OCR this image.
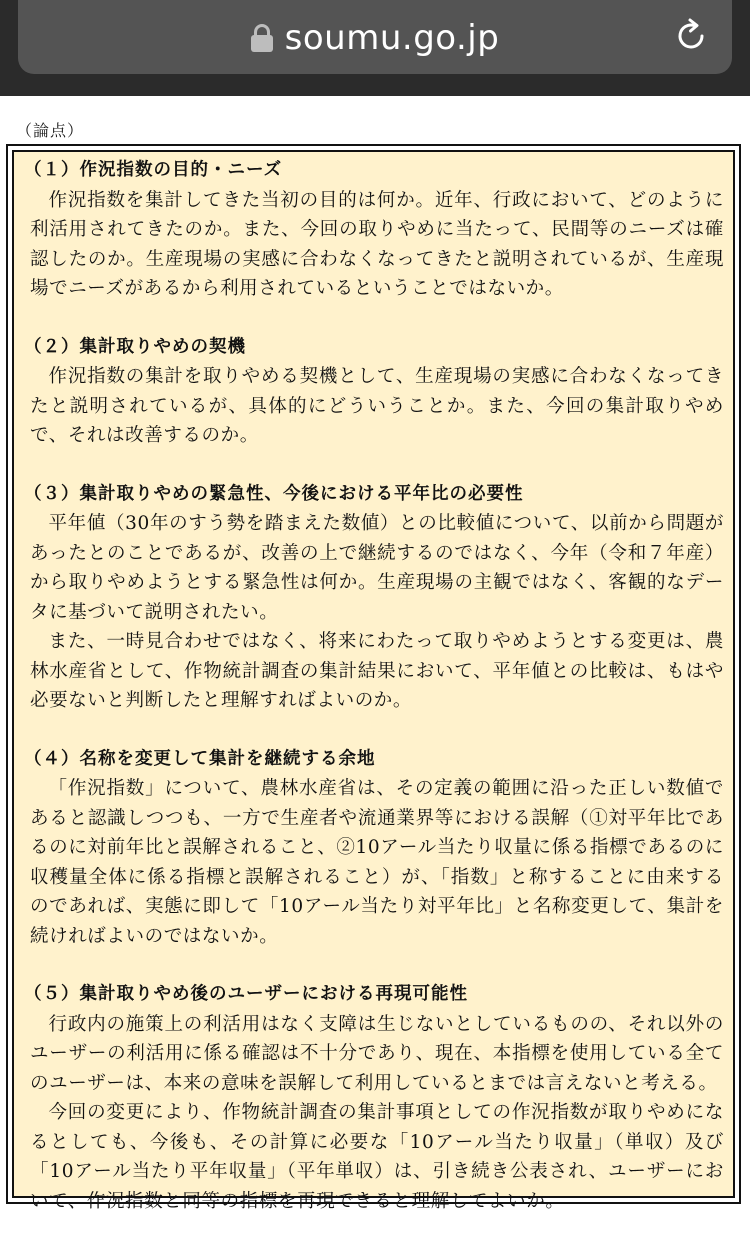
soumu.go.jp
（論点）
（１）作況指数の目的・ニーズ
作況指数を集計してきた当初の目的は何か。近年、行政において、どのように利活用されてきたのか。また、今回の取りやめに当たって、民間等のニーズは確認したのか。生産現場の実感に合わなくなってきたと説明されているが、生産現場でニーズがあるから利用されているということではないか。
（２）集計取りやめの契機
作況指数の集計を取りやめる契機として、生産現場の実感に合わなくなってきたと説明されているが、具体的にどういうことか。また、今回の集計取りやめで、それは改善するのか。
（３）集計取りやめの緊急性、今後における平年比の必要性
平年値（30年のすう勢を踏まえた数値）との比較値について、以前から問題があったとのことであるが、改善の上で継続するのではなく、今年（令和７年産）から取りやめようとする緊急性は何か。生産現場の主観ではなく、客観的なデータに基づいて説明されたい。
また、一時見合わせではなく、将来にわたって取りやめようとする変更は、農林水産省として、作物統計調査の集計結果において、平年値との比較は、もはや必要ないと判断したと理解すればよいのか。
（４）名称を変更して集計を継続する余地
「作況指数」について、農林水産省は、その定義の範囲に沿った正しい数値であると認識しつつも、一方で生産者や流通業界等における誤解（①対平年比であるのに対前年比と誤解されること、②10アール当たり収量に係る指標であるのに収穫量全体に係る指標と誤解されること）が、「指数」と称することに由来するのであれば、実態に即して「10アール当たり対平年比」と名称変更して、集計を続ければよいのではないか。
（５）集計取りやめ後のユーザーにおける再現可能性
行政内の施策上の利活用はなく支障は生じないとしているものの、それ以外のユーザーの利活用に係る確認は不十分であり、現在、本指標を使用している全てのユーザーは、本来の意味を誤解して利用しているとまでは言えないと考える。
今回の変更により、作物統計調査の集計事項としての作況指数が取りやめになるとしても、今後も、その計算に必要な「10アール当たり収量」（単収）及び「10アール当たり平年収量」（平年単収）は、引き続き公表され、ユーザーにおいて、作況指数と同等の指標を再現できると理解してよいか。
